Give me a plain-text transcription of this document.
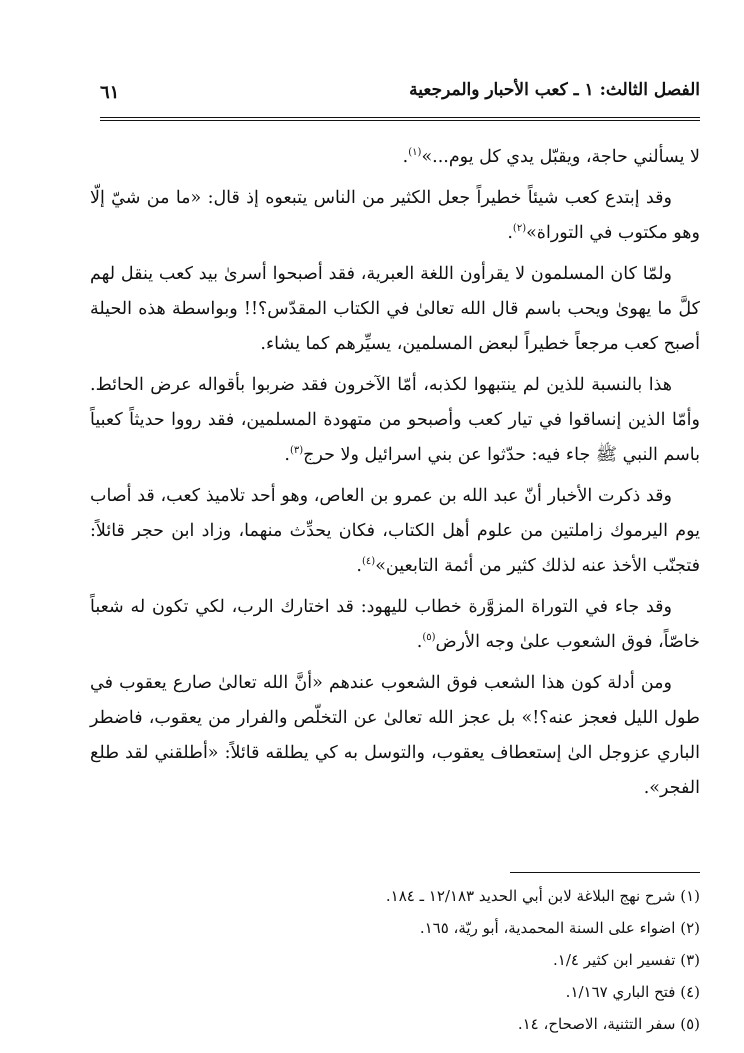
الفصل الثالث: ١ ـ كعب الأحبار والمرجعية
٦١

لا يسألني حاجة، ويقبّل يدي كل يوم...»$^{(١)}$.

وقد إبتدع كعب شيئاً خطيراً جعل الكثير من الناس يتبعوه إذ قال: «ما من شيّ إلّا وهو مكتوب في التوراة»$^{(٢)}$.

ولمّا كان المسلمون لا يقرأون اللغة العبرية، فقد أصبحوا أسرىٰ بيد كعب ينقل لهم كلَّ ما يهوىٰ ويحب باسم قال الله تعالىٰ في الكتاب المقدّس؟!! وبواسطة هذه الحيلة أصبح كعب مرجعاً خطيراً لبعض المسلمين، يسيِّرهم كما يشاء.

هذا بالنسبة للذين لم ينتبهوا لكذبه، أمّا الآخرون فقد ضربوا بأقواله عرض الحائط. وأمّا الذين إنساقوا في تيار كعب وأصبحو من متهودة المسلمين، فقد رووا حديثاً كعبياً باسم النبي ﷺ جاء فيه: حدّثوا عن بني اسرائيل ولا حرج$^{(٣)}$.

وقد ذكرت الأخبار أنّ عبد الله بن عمرو بن العاص، وهو أحد تلاميذ كعب، قد أصاب يوم اليرموك زاملتين من علوم أهل الكتاب، فكان يحدِّث منهما، وزاد ابن حجر قائلاً: فتجنّب الأخذ عنه لذلك كثير من أئمة التابعين»$^{(٤)}$.

وقد جاء في التوراة المزوَّرة خطاب لليهود: قد اختارك الرب، لكي تكون له شعباً خاصّاً، فوق الشعوب علىٰ وجه الأرض$^{(٥)}$.

ومن أدلة كون هذا الشعب فوق الشعوب عندهم «أنَّ الله تعالىٰ صارع يعقوب في طول الليل فعجز عنه؟!» بل عجز الله تعالىٰ عن التخلّص والفرار من يعقوب، فاضطر الباري عزوجل الىٰ إستعطاف يعقوب، والتوسل به كي يطلقه قائلاً: «أطلقني لقد طلع الفجر».

(١) شرح نهج البلاغة لابن أبي الحديد ١٢/١٨٣ ـ ١٨٤.
(٢) اضواء على السنة المحمدية، أبو ريّة، ١٦٥.
(٣) تفسير ابن كثير ١/٤.
(٤) فتح الباري ١/١٦٧.
(٥) سفر التثنية، الاصحاح، ١٤.
